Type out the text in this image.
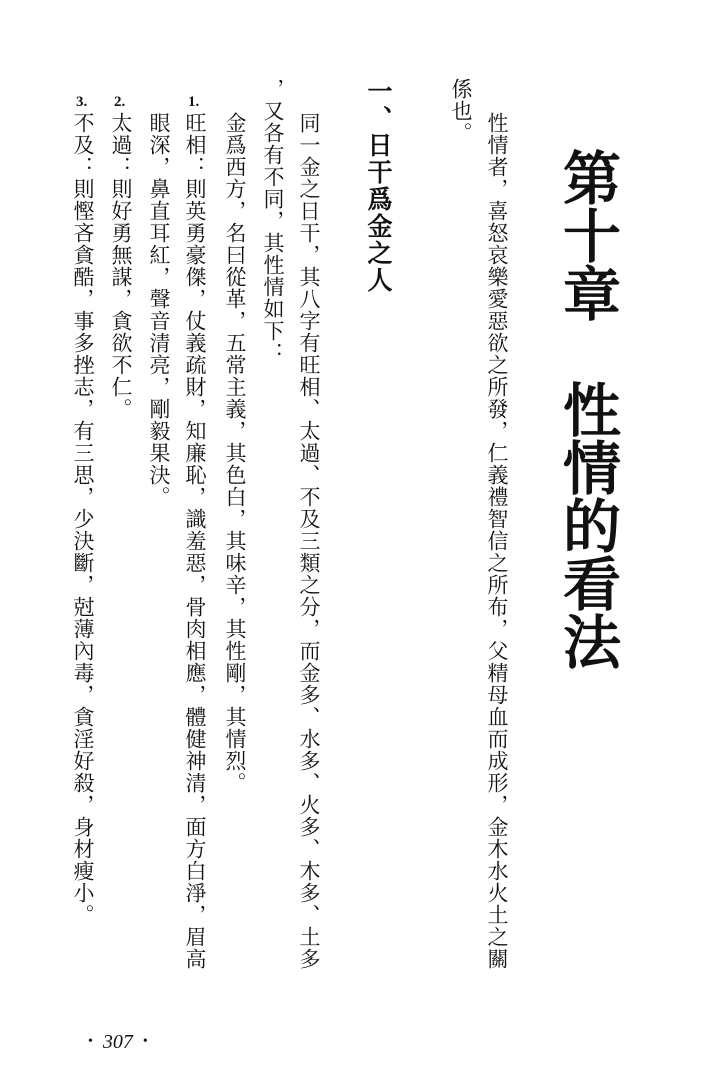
第十章　性情的看法

性情者，喜怒哀樂愛惡欲之所發，仁義禮智信之所布，父精母血而成形，金木水火土之關

係也。

一、日干爲金之人

同一金之日干，其八字有旺相、太過、不及三類之分，而金多、水多、火多、木多、土多

，又各有不同，其性情如下：

金爲西方，名曰從革，五常主義，其色白，其味辛，其性剛，其情烈。

1.

旺相：則英勇豪傑，仗義疏財，知廉恥，識羞惡，骨肉相應，體健神清，面方白淨，眉高

眼深，鼻直耳紅，聲音清亮，剛毅果決。

2.

太過：則好勇無謀，貪欲不仁。

3.

不及：則慳吝貪酷，事多挫志，有三思，少決斷，尅薄內毒，貪淫好殺，身材瘦小。

• 307 •
